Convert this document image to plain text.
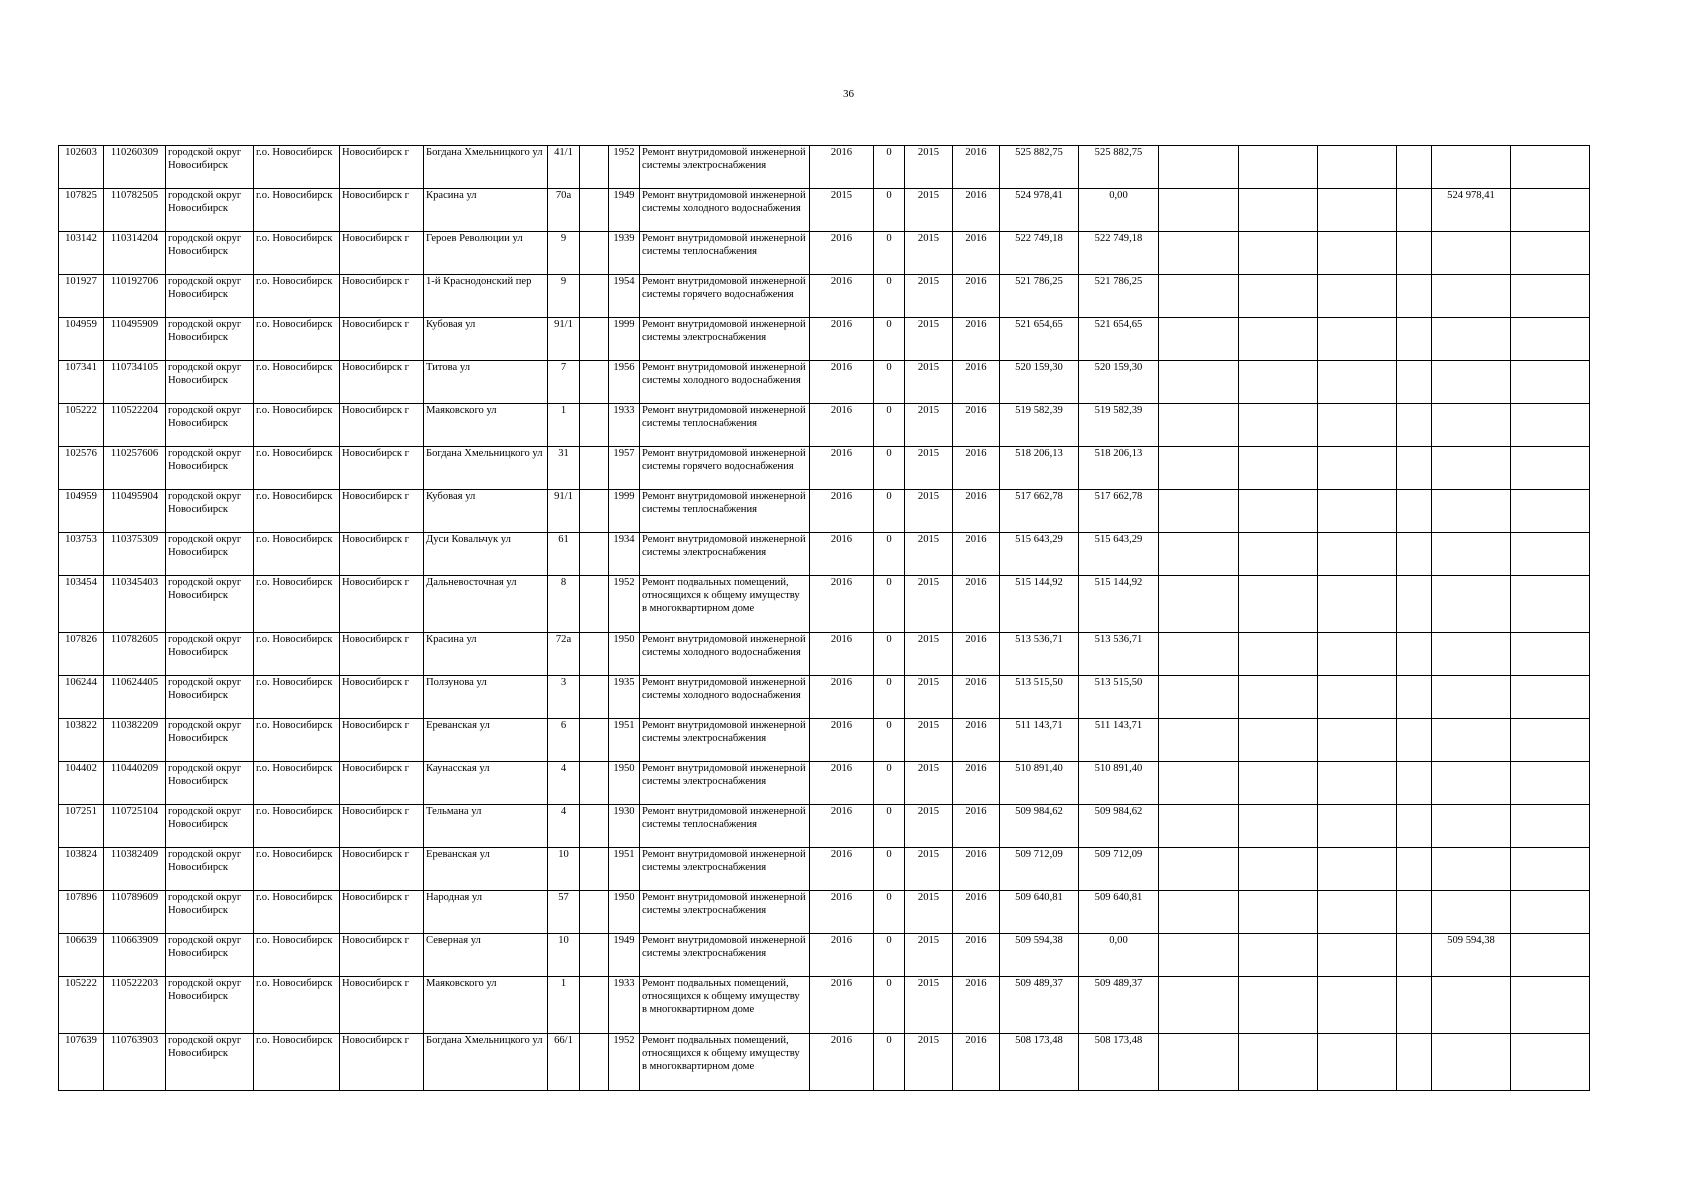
36
102603	110260309	городской округ Новосибирск	г.о. Новосибирск	Новосибирск г	Богдана Хмельницкого ул	41/1		1952	Ремонт внутридомовой инженерной системы электроснабжения	2016	0	2015	2016	525 882,75	525 882,75						
107825	110782505	городской округ Новосибирск	г.о. Новосибирск	Новосибирск г	Красина ул	70а		1949	Ремонт внутридомовой инженерной системы холодного водоснабжения	2015	0	2015	2016	524 978,41	0,00					524 978,41	
103142	110314204	городской округ Новосибирск	г.о. Новосибирск	Новосибирск г	Героев Революции ул	9		1939	Ремонт внутридомовой инженерной системы теплоснабжения	2016	0	2015	2016	522 749,18	522 749,18						
101927	110192706	городской округ Новосибирск	г.о. Новосибирск	Новосибирск г	1-й Краснодонский пер	9		1954	Ремонт внутридомовой инженерной системы горячего водоснабжения	2016	0	2015	2016	521 786,25	521 786,25						
104959	110495909	городской округ Новосибирск	г.о. Новосибирск	Новосибирск г	Кубовая ул	91/1		1999	Ремонт внутридомовой инженерной системы электроснабжения	2016	0	2015	2016	521 654,65	521 654,65						
107341	110734105	городской округ Новосибирск	г.о. Новосибирск	Новосибирск г	Титова ул	7		1956	Ремонт внутридомовой инженерной системы холодного водоснабжения	2016	0	2015	2016	520 159,30	520 159,30						
105222	110522204	городской округ Новосибирск	г.о. Новосибирск	Новосибирск г	Маяковского ул	1		1933	Ремонт внутридомовой инженерной системы теплоснабжения	2016	0	2015	2016	519 582,39	519 582,39						
102576	110257606	городской округ Новосибирск	г.о. Новосибирск	Новосибирск г	Богдана Хмельницкого ул	31		1957	Ремонт внутридомовой инженерной системы горячего водоснабжения	2016	0	2015	2016	518 206,13	518 206,13						
104959	110495904	городской округ Новосибирск	г.о. Новосибирск	Новосибирск г	Кубовая ул	91/1		1999	Ремонт внутридомовой инженерной системы теплоснабжения	2016	0	2015	2016	517 662,78	517 662,78						
103753	110375309	городской округ Новосибирск	г.о. Новосибирск	Новосибирск г	Дуси Ковальчук ул	61		1934	Ремонт внутридомовой инженерной системы электроснабжения	2016	0	2015	2016	515 643,29	515 643,29						
103454	110345403	городской округ Новосибирск	г.о. Новосибирск	Новосибирск г	Дальневосточная ул	8		1952	Ремонт подвальных помещений, относящихся к общему имуществу в многоквартирном доме	2016	0	2015	2016	515 144,92	515 144,92						
107826	110782605	городской округ Новосибирск	г.о. Новосибирск	Новосибирск г	Красина ул	72а		1950	Ремонт внутридомовой инженерной системы холодного водоснабжения	2016	0	2015	2016	513 536,71	513 536,71						
106244	110624405	городской округ Новосибирск	г.о. Новосибирск	Новосибирск г	Ползунова ул	3		1935	Ремонт внутридомовой инженерной системы холодного водоснабжения	2016	0	2015	2016	513 515,50	513 515,50						
103822	110382209	городской округ Новосибирск	г.о. Новосибирск	Новосибирск г	Ереванская ул	6		1951	Ремонт внутридомовой инженерной системы электроснабжения	2016	0	2015	2016	511 143,71	511 143,71						
104402	110440209	городской округ Новосибирск	г.о. Новосибирск	Новосибирск г	Каунасская ул	4		1950	Ремонт внутридомовой инженерной системы электроснабжения	2016	0	2015	2016	510 891,40	510 891,40						
107251	110725104	городской округ Новосибирск	г.о. Новосибирск	Новосибирск г	Тельмана ул	4		1930	Ремонт внутридомовой инженерной системы теплоснабжения	2016	0	2015	2016	509 984,62	509 984,62						
103824	110382409	городской округ Новосибирск	г.о. Новосибирск	Новосибирск г	Ереванская ул	10		1951	Ремонт внутридомовой инженерной системы электроснабжения	2016	0	2015	2016	509 712,09	509 712,09						
107896	110789609	городской округ Новосибирск	г.о. Новосибирск	Новосибирск г	Народная ул	57		1950	Ремонт внутридомовой инженерной системы электроснабжения	2016	0	2015	2016	509 640,81	509 640,81						
106639	110663909	городской округ Новосибирск	г.о. Новосибирск	Новосибирск г	Северная ул	10		1949	Ремонт внутридомовой инженерной системы электроснабжения	2016	0	2015	2016	509 594,38	0,00					509 594,38	
105222	110522203	городской округ Новосибирск	г.о. Новосибирск	Новосибирск г	Маяковского ул	1		1933	Ремонт подвальных помещений, относящихся к общему имуществу в многоквартирном доме	2016	0	2015	2016	509 489,37	509 489,37						
107639	110763903	городской округ Новосибирск	г.о. Новосибирск	Новосибирск г	Богдана Хмельницкого ул	66/1		1952	Ремонт подвальных помещений, относящихся к общему имуществу в многоквартирном доме	2016	0	2015	2016	508 173,48	508 173,48						
